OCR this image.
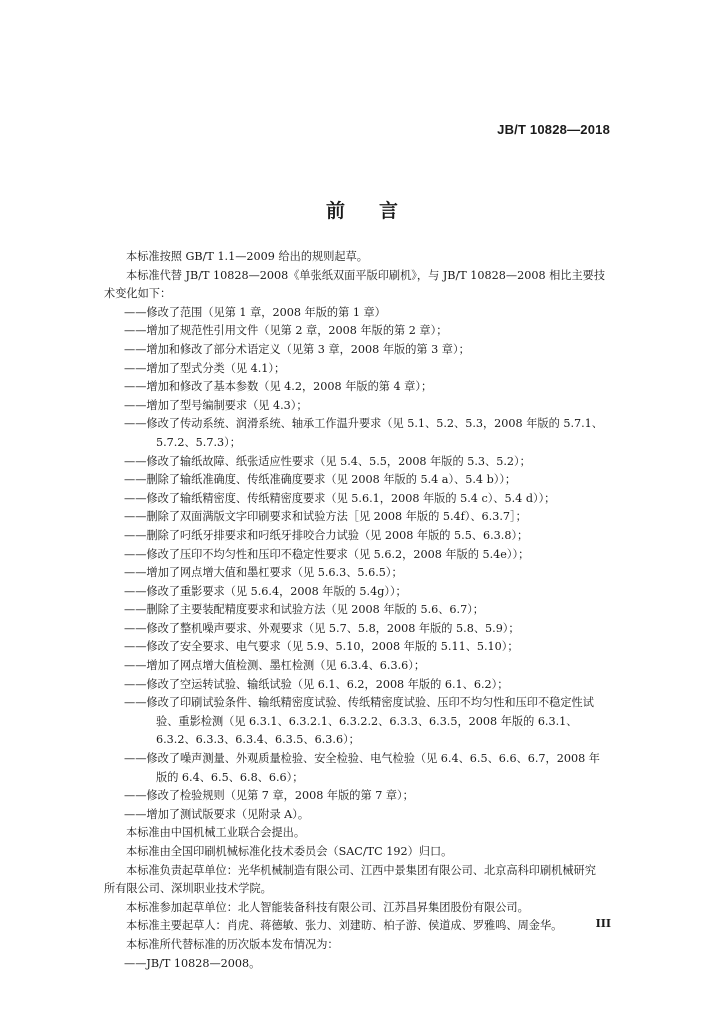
JB/T 10828—2018
前 言

本标准按照 GB/T 1.1—2009 给出的规则起草。

本标准代替 JB/T 10828—2008《单张纸双面平版印刷机》，与 JB/T 10828—2008 相比主要技术变化如下：

——修改了范围（见第 1 章，2008 年版的第 1 章）

——增加了规范性引用文件（见第 2 章，2008 年版的第 2 章）；

——增加和修改了部分术语定义（见第 3 章，2008 年版的第 3 章）；

——增加了型式分类（见 4.1）；

——增加和修改了基本参数（见 4.2，2008 年版的第 4 章）；

——增加了型号编制要求（见 4.3）；

——修改了传动系统、润滑系统、轴承工作温升要求（见 5.1、5.2、5.3，2008 年版的 5.7.1、5.7.2、5.7.3）；

——修改了输纸故障、纸张适应性要求（见 5.4、5.5，2008 年版的 5.3、5.2）；

——删除了输纸准确度、传纸准确度要求（见 2008 年版的 5.4 a）、5.4 b））；

——修改了输纸精密度、传纸精密度要求（见 5.6.1，2008 年版的 5.4 c）、5.4 d））；

——删除了双面满版文字印刷要求和试验方法［见 2008 年版的 5.4f）、6.3.7］；

——删除了叼纸牙排要求和叼纸牙排咬合力试验（见 2008 年版的 5.5、6.3.8）；

——修改了压印不均匀性和压印不稳定性要求（见 5.6.2，2008 年版的 5.4e））；

——增加了网点增大值和墨杠要求（见 5.6.3、5.6.5）；

——修改了重影要求（见 5.6.4，2008 年版的 5.4g））；

——删除了主要装配精度要求和试验方法（见 2008 年版的 5.6、6.7）；

——修改了整机噪声要求、外观要求（见 5.7、5.8，2008 年版的 5.8、5.9）；

——修改了安全要求、电气要求（见 5.9、5.10，2008 年版的 5.11、5.10）；

——增加了网点增大值检测、墨杠检测（见 6.3.4、6.3.6）；

——修改了空运转试验、输纸试验（见 6.1、6.2，2008 年版的 6.1、6.2）；

——修改了印刷试验条件、输纸精密度试验、传纸精密度试验、压印不均匀性和压印不稳定性试验、重影检测（见 6.3.1、6.3.2.1、6.3.2.2、6.3.3、6.3.5，2008 年版的 6.3.1、6.3.2、6.3.3、6.3.4、6.3.5、6.3.6）；

——修改了噪声测量、外观质量检验、安全检验、电气检验（见 6.4、6.5、6.6、6.7，2008 年版的 6.4、6.5、6.8、6.6）；

——修改了检验规则（见第 7 章，2008 年版的第 7 章）；

——增加了测试版要求（见附录 A）。

本标准由中国机械工业联合会提出。

本标准由全国印刷机械标准化技术委员会（SAC/TC 192）归口。

本标准负责起草单位：光华机械制造有限公司、江西中景集团有限公司、北京高科印刷机械研究所有限公司、深圳职业技术学院。

本标准参加起草单位：北人智能装备科技有限公司、江苏昌昇集团股份有限公司。

本标准主要起草人：肖虎、蒋德敏、张力、刘建昉、柏子游、侯道成、罗雅鸣、周金华。

本标准所代替标准的历次版本发布情况为：

——JB/T 10828—2008。

III
